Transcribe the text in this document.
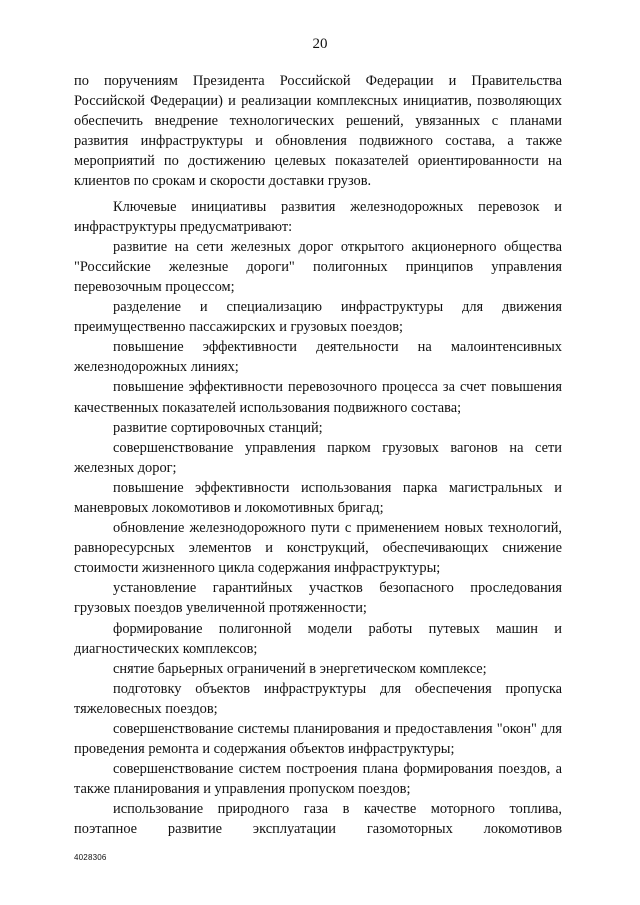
20

по поручениям Президента Российской Федерации и Правительства Российской Федерации) и реализации комплексных инициатив, позволяющих обеспечить внедрение технологических решений, увязанных с планами развития инфраструктуры и обновления подвижного состава, а также мероприятий по достижению целевых показателей ориентированности на клиентов по срокам и скорости доставки грузов.

Ключевые инициативы развития железнодорожных перевозок и инфраструктуры предусматривают:

развитие на сети железных дорог открытого акционерного общества "Российские железные дороги" полигонных принципов управления перевозочным процессом;

разделение и специализацию инфраструктуры для движения преимущественно пассажирских и грузовых поездов;

повышение эффективности деятельности на малоинтенсивных железнодорожных линиях;

повышение эффективности перевозочного процесса за счет повышения качественных показателей использования подвижного состава;

развитие сортировочных станций;

совершенствование управления парком грузовых вагонов на сети железных дорог;

повышение эффективности использования парка магистральных и маневровых локомотивов и локомотивных бригад;

обновление железнодорожного пути с применением новых технологий, равноресурсных элементов и конструкций, обеспечивающих снижение стоимости жизненного цикла содержания инфраструктуры;

установление гарантийных участков безопасного проследования грузовых поездов увеличенной протяженности;

формирование полигонной модели работы путевых машин и диагностических комплексов;

снятие барьерных ограничений в энергетическом комплексе;

подготовку объектов инфраструктуры для обеспечения пропуска тяжеловесных поездов;

совершенствование системы планирования и предоставления "окон" для проведения ремонта и содержания объектов инфраструктуры;

совершенствование систем построения плана формирования поездов, а также планирования и управления пропуском поездов;

использование природного газа в качестве моторного топлива, поэтапное развитие эксплуатации газомоторных локомотивов

4028306
